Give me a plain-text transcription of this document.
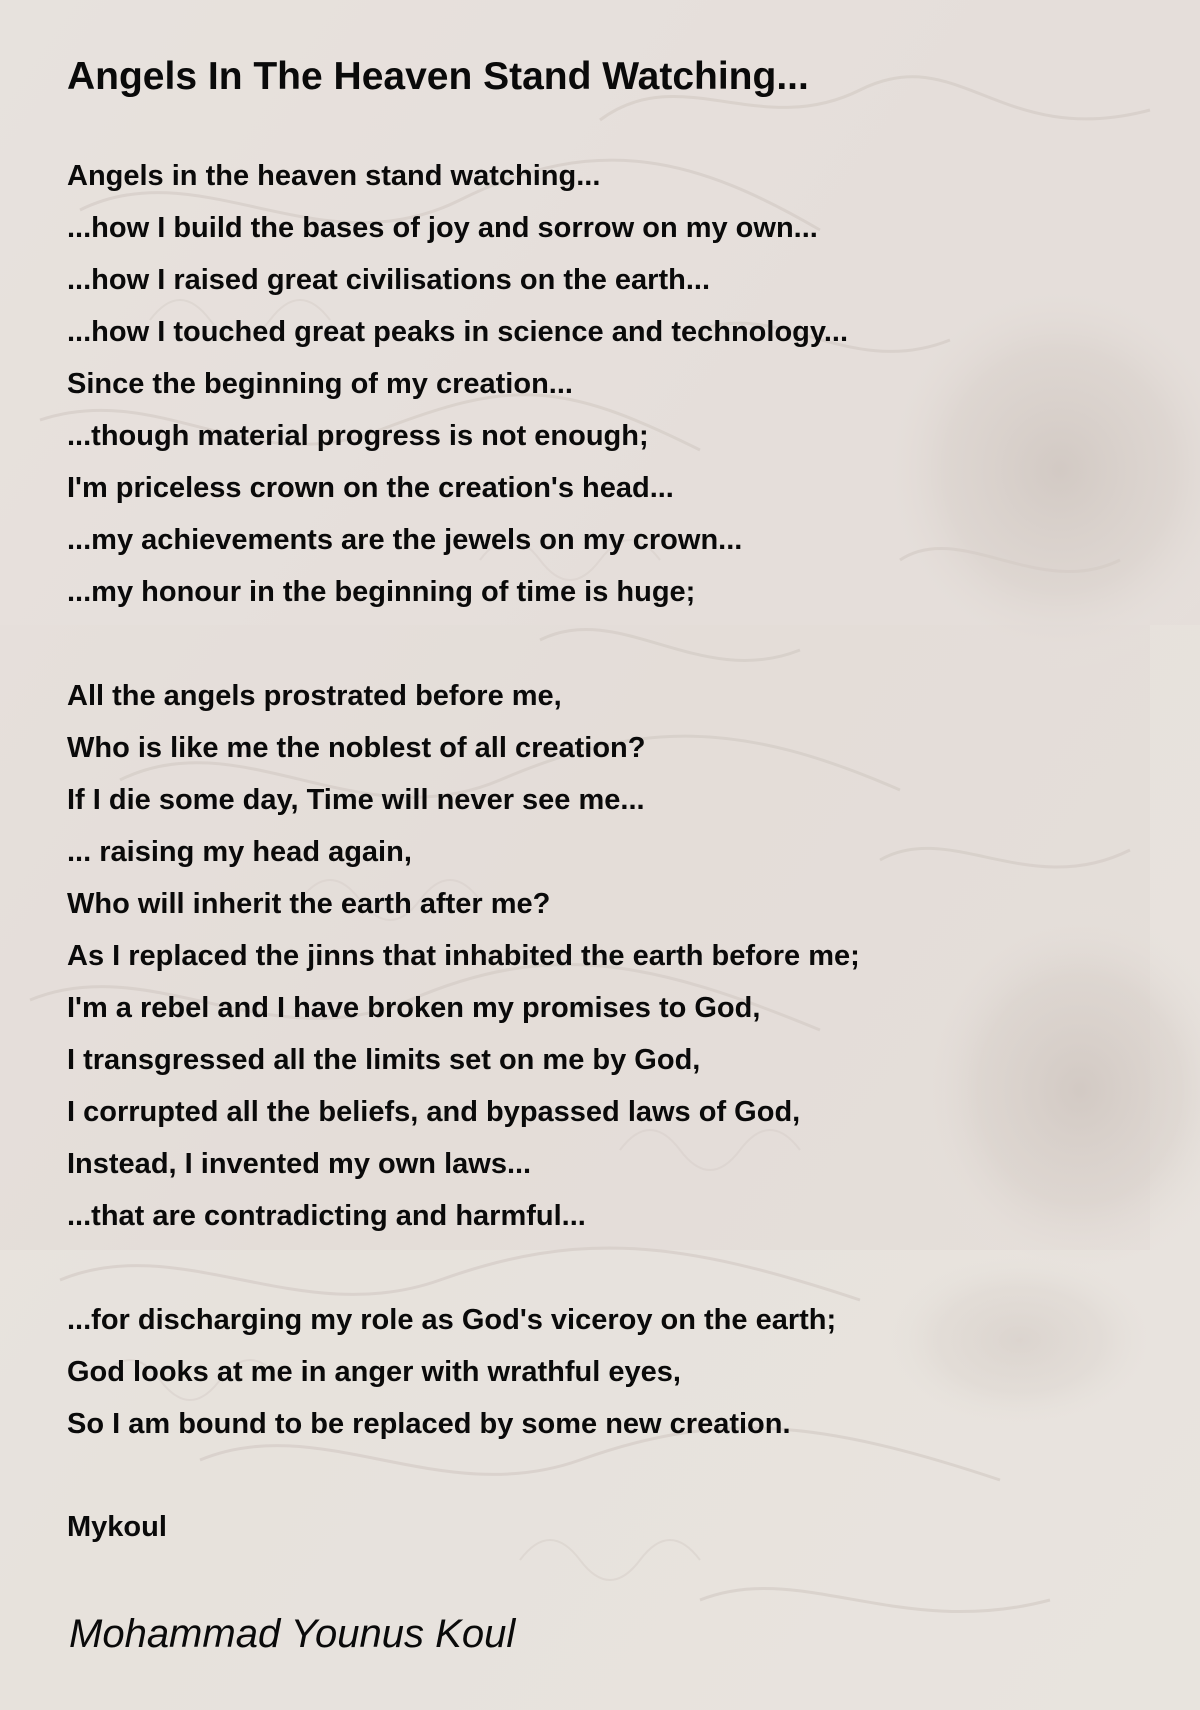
Angels In The Heaven Stand Watching...
Angels in the heaven stand watching...
...how I build the bases of joy and sorrow on my own...
...how I raised great civilisations on the earth...
...how I touched great peaks in science and technology...
Since the beginning of my creation...
...though material progress is not enough;
I'm priceless crown on the creation's head...
...my achievements are the jewels on my crown...
...my honour in the beginning of time is huge;
All the angels prostrated before me,
Who is like me the noblest of all creation?
If I die some day, Time will never see me...
... raising my head again,
Who will inherit the earth after me?
As I replaced the jinns that inhabited the earth before me;
I'm a rebel and I have broken my promises to God,
I transgressed all the limits set on me by God,
I corrupted all the beliefs, and bypassed laws of God,
Instead, I invented my own laws...
...that are contradicting and harmful...
...for discharging my role as God's viceroy on the earth;
God looks at me in anger with wrathful eyes,
So I am bound to be replaced by some new creation.
Mykoul
Mohammad Younus Koul
